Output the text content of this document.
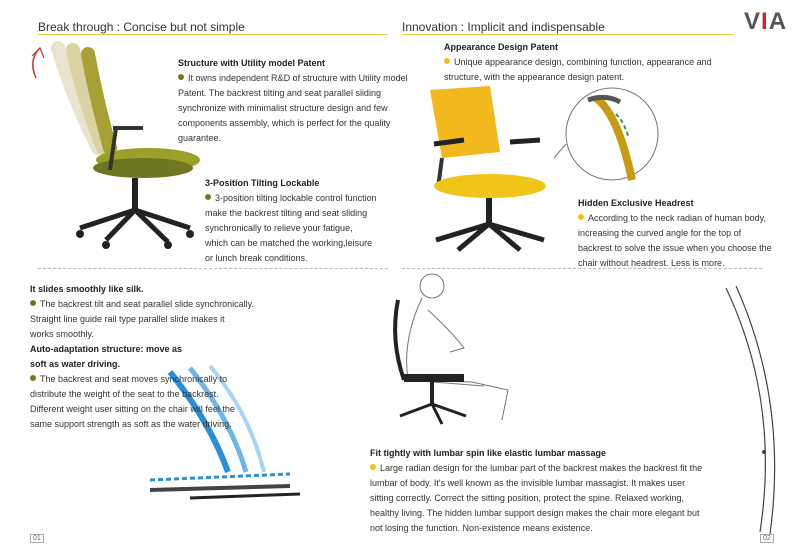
Break through : Concise but not simple	Innovation : Implicit and indispensable	VIA
Structure with Utility model Patent
It owns independent R&D of structure with Utility model
Patent. The backrest tilting and seat parallel sliding
synchronize with minimalist structure design and few
components assembly, which is perfect for the quality
guarantee.
3-Position Tilting Lockable
3-position tilting lockable control function
make the backrest tilting and seat sliding
synchronically to relieve your fatigue,
which can be matched the working,leisure
or lunch break conditions.
Appearance Design Patent
Unique appearance design, combining function, appearance and
structure, with the appearance design patent.
Hidden Exclusive Headrest
According to the neck radian of human body,
increasing the curved angle for the top of
backrest to solve the issue when you choose the
chair without headrest. Less is more.
It slides smoothly like silk.
The backrest tilt and seat parallel slide synchronically.
Straight line guide rail type parallel slide makes it
works smoothly.
Auto-adaptation structure: move as
soft as water driving.
The backrest and seat moves synchronically to
distribute the weight of the seat to the backrest.
Different weight user sitting on the chair will feel the
same support strength as soft as the water driving.
Fit tightly with lumbar spin like elastic lumbar massage
Large radian design for the lumbar part of the backrest makes the backrest fit the
lumbar of body. It's well known as the invisible lumbar massagist. It makes user
sitting correctly. Correct the sitting position, protect the spine. Relaxed working,
healthy living. The hidden lumbar support design makes the chair more elegant but
not losing the function. Non-existence means existence.
01	02
